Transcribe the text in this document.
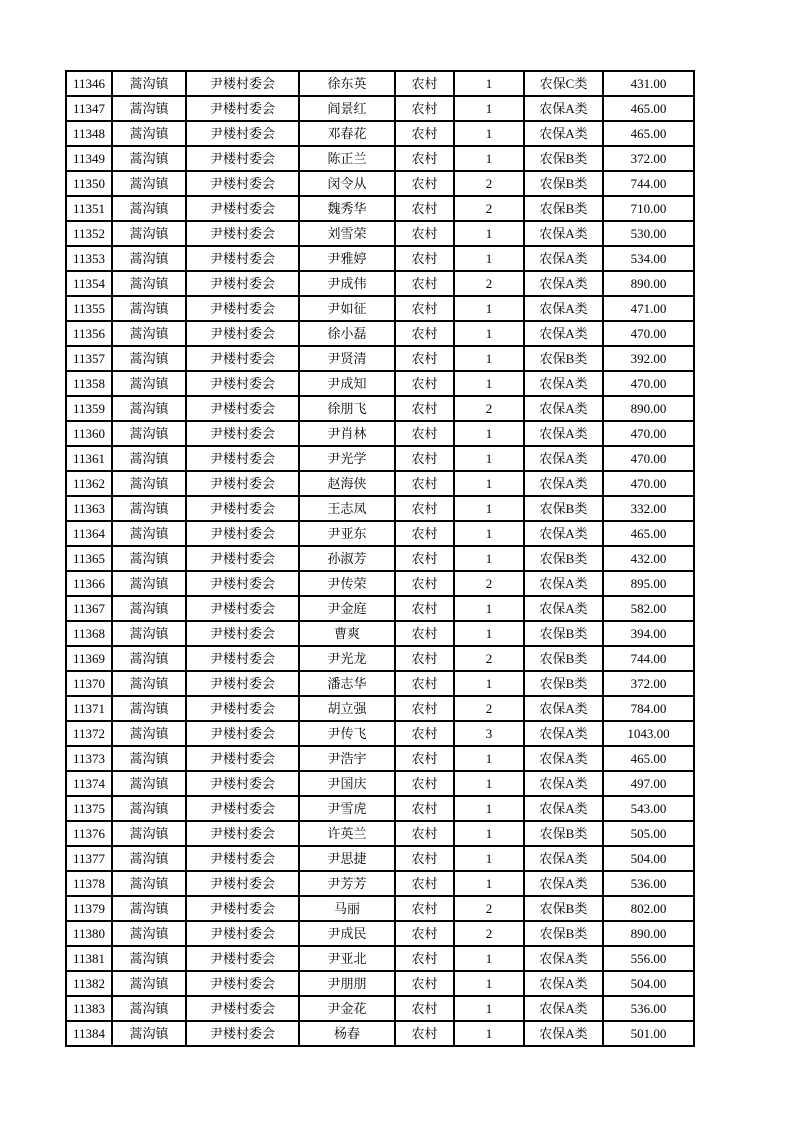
11346	蒿沟镇	尹楼村委会	徐东英	农村	1	农保C类	431.00
11347	蒿沟镇	尹楼村委会	阎景红	农村	1	农保A类	465.00
11348	蒿沟镇	尹楼村委会	邓春花	农村	1	农保A类	465.00
11349	蒿沟镇	尹楼村委会	陈正兰	农村	1	农保B类	372.00
11350	蒿沟镇	尹楼村委会	闵令从	农村	2	农保B类	744.00
11351	蒿沟镇	尹楼村委会	魏秀华	农村	2	农保B类	710.00
11352	蒿沟镇	尹楼村委会	刘雪荣	农村	1	农保A类	530.00
11353	蒿沟镇	尹楼村委会	尹雅婷	农村	1	农保A类	534.00
11354	蒿沟镇	尹楼村委会	尹成伟	农村	2	农保A类	890.00
11355	蒿沟镇	尹楼村委会	尹如征	农村	1	农保A类	471.00
11356	蒿沟镇	尹楼村委会	徐小磊	农村	1	农保A类	470.00
11357	蒿沟镇	尹楼村委会	尹贤清	农村	1	农保B类	392.00
11358	蒿沟镇	尹楼村委会	尹成知	农村	1	农保A类	470.00
11359	蒿沟镇	尹楼村委会	徐朋飞	农村	2	农保A类	890.00
11360	蒿沟镇	尹楼村委会	尹肖林	农村	1	农保A类	470.00
11361	蒿沟镇	尹楼村委会	尹光学	农村	1	农保A类	470.00
11362	蒿沟镇	尹楼村委会	赵海侠	农村	1	农保A类	470.00
11363	蒿沟镇	尹楼村委会	王志凤	农村	1	农保B类	332.00
11364	蒿沟镇	尹楼村委会	尹亚东	农村	1	农保A类	465.00
11365	蒿沟镇	尹楼村委会	孙淑芳	农村	1	农保B类	432.00
11366	蒿沟镇	尹楼村委会	尹传荣	农村	2	农保A类	895.00
11367	蒿沟镇	尹楼村委会	尹金庭	农村	1	农保A类	582.00
11368	蒿沟镇	尹楼村委会	曹爽	农村	1	农保B类	394.00
11369	蒿沟镇	尹楼村委会	尹光龙	农村	2	农保B类	744.00
11370	蒿沟镇	尹楼村委会	潘志华	农村	1	农保B类	372.00
11371	蒿沟镇	尹楼村委会	胡立强	农村	2	农保A类	784.00
11372	蒿沟镇	尹楼村委会	尹传飞	农村	3	农保A类	1043.00
11373	蒿沟镇	尹楼村委会	尹浩宇	农村	1	农保A类	465.00
11374	蒿沟镇	尹楼村委会	尹国庆	农村	1	农保A类	497.00
11375	蒿沟镇	尹楼村委会	尹雪虎	农村	1	农保A类	543.00
11376	蒿沟镇	尹楼村委会	许英兰	农村	1	农保B类	505.00
11377	蒿沟镇	尹楼村委会	尹思捷	农村	1	农保A类	504.00
11378	蒿沟镇	尹楼村委会	尹芳芳	农村	1	农保A类	536.00
11379	蒿沟镇	尹楼村委会	马丽	农村	2	农保B类	802.00
11380	蒿沟镇	尹楼村委会	尹成民	农村	2	农保B类	890.00
11381	蒿沟镇	尹楼村委会	尹亚北	农村	1	农保A类	556.00
11382	蒿沟镇	尹楼村委会	尹朋朋	农村	1	农保A类	504.00
11383	蒿沟镇	尹楼村委会	尹金花	农村	1	农保A类	536.00
11384	蒿沟镇	尹楼村委会	杨春	农村	1	农保A类	501.00
